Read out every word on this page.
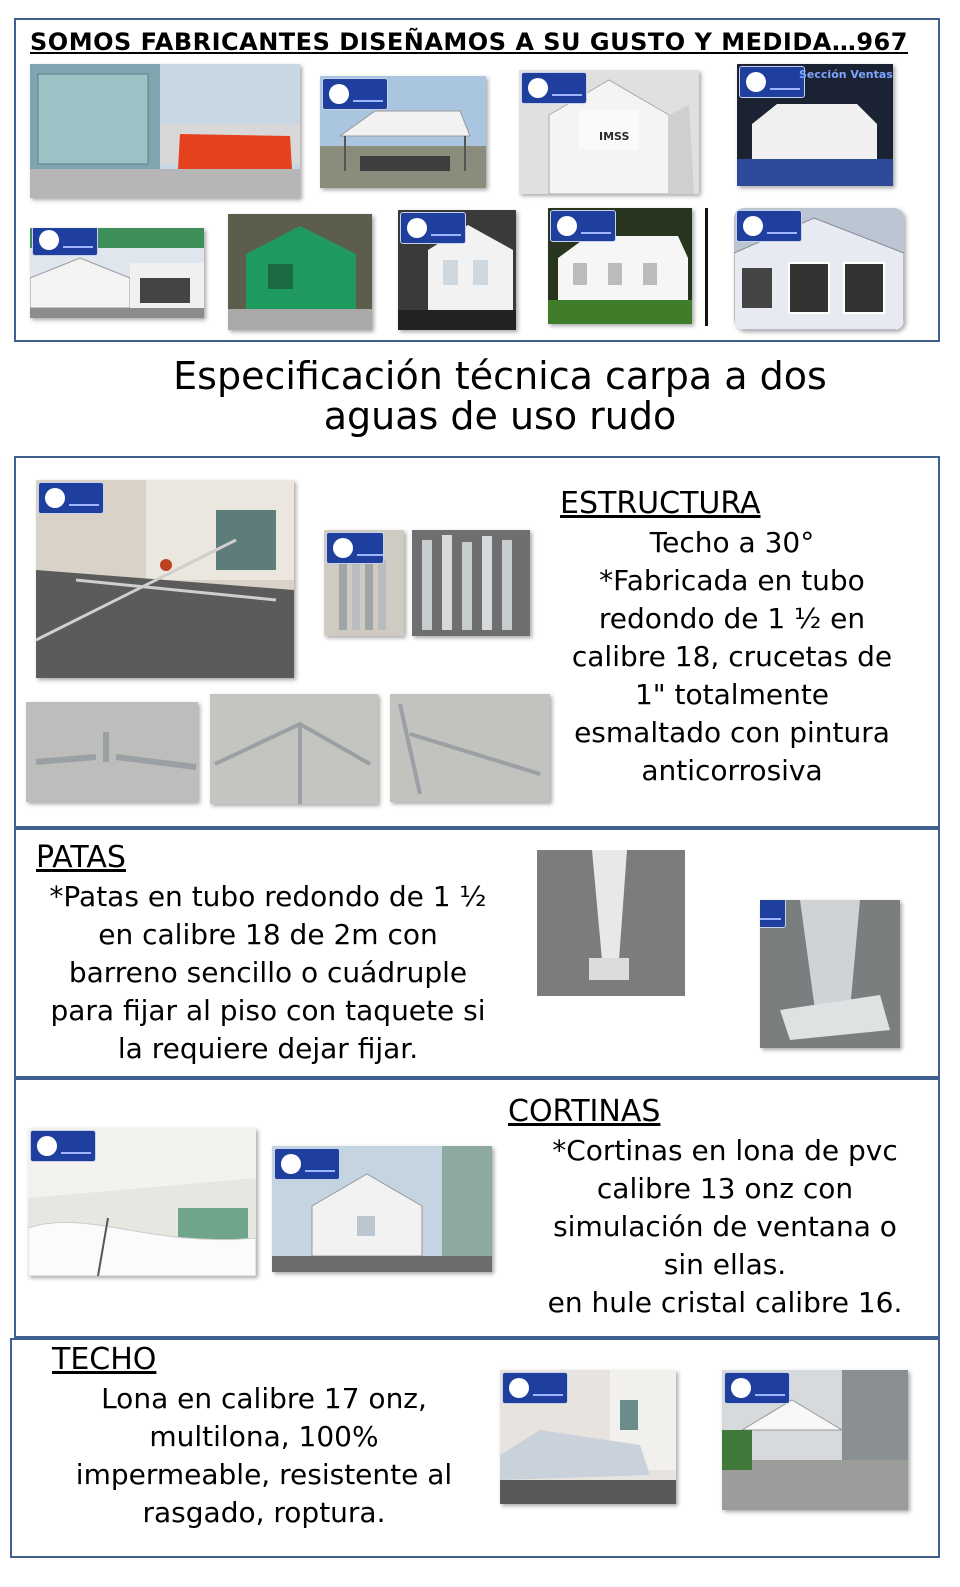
SOMOS FABRICANTES DISEÑAMOS A SU GUSTO Y MEDIDA…967
IMSS
Sección Ventas
Especificación técnica carpa a dos
aguas de uso rudo
ESTRUCTURA
Techo a 30°
*Fabricada en tubo
redondo de 1 ½ en
calibre 18, crucetas de
1" totalmente
esmaltado con pintura
anticorrosiva
PATAS
*Patas en tubo redondo de 1 ½
en calibre 18 de 2m con
barreno sencillo o cuádruple
para fijar al piso con taquete si
la requiere dejar fijar.
CORTINAS
*Cortinas en lona de pvc
calibre 13 onz con
simulación de ventana o
sin ellas.
en hule cristal calibre 16.
TECHO
Lona en calibre 17 onz,
multilona, 100%
impermeable, resistente al
rasgado, roptura.
